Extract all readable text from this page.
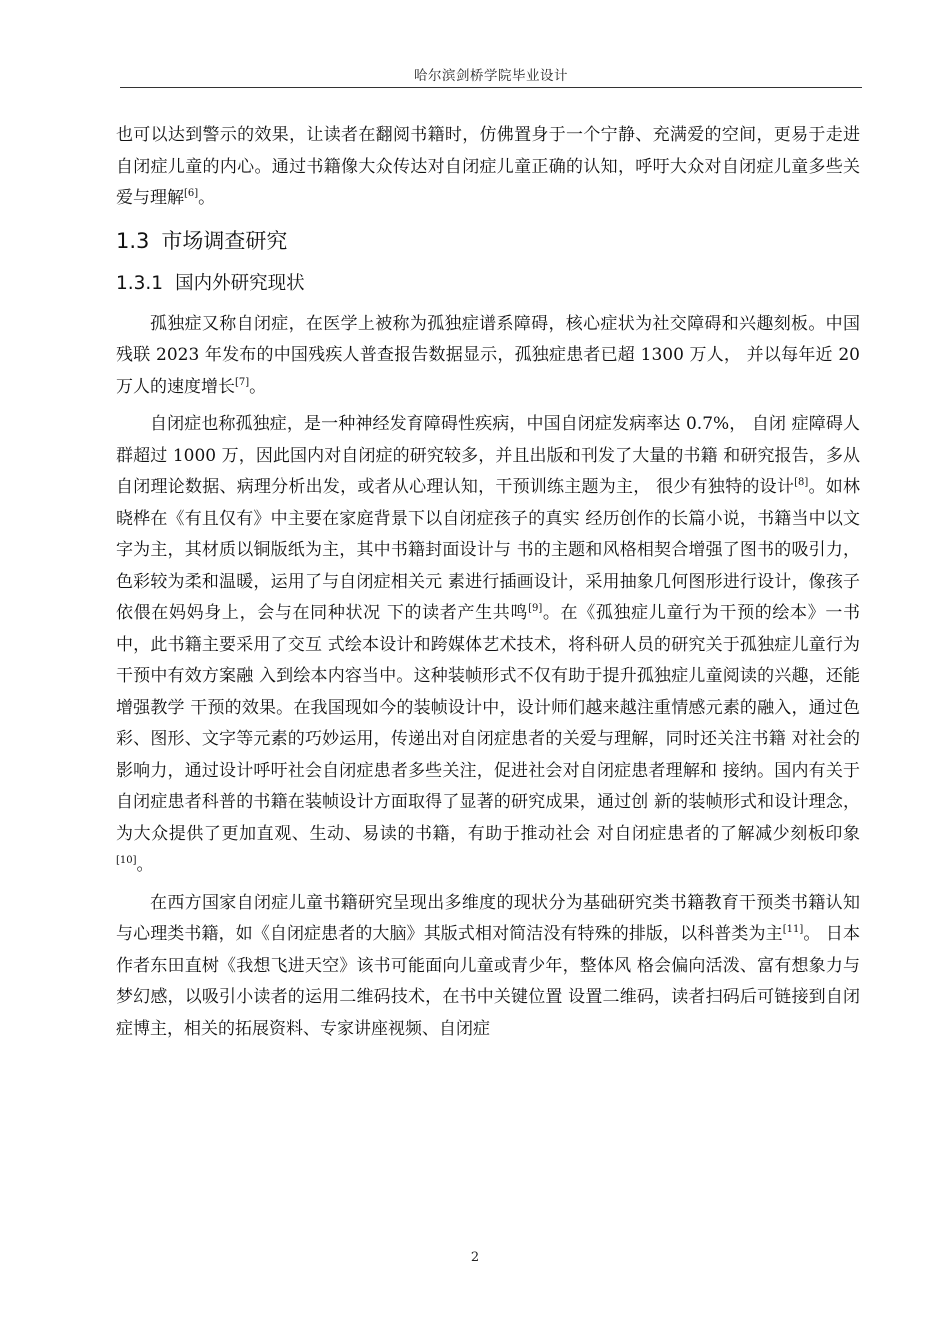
哈尔滨剑桥学院毕业设计

也可以达到警示的效果，让读者在翻阅书籍时，仿佛置身于一个宁静、充满爱的空间，更易于走进自闭症儿童的内心。通过书籍像大众传达对自闭症儿童正确的认知，呼吁大众对自闭症儿童多些关爱与理解[6]。

1.3 市场调查研究
1.3.1 国内外研究现状

孤独症又称自闭症，在医学上被称为孤独症谱系障碍，核心症状为社交障碍和兴趣刻板。中国残联 2023 年发布的中国残疾人普查报告数据显示，孤独症患者已超 1300 万人， 并以每年近 20 万人的速度增长[7]。

自闭症也称孤独症，是一种神经发育障碍性疾病，中国自闭症发病率达 0.7%， 自闭 症障碍人群超过 1000 万，因此国内对自闭症的研究较多，并且出版和刊发了大量的书籍 和研究报告，多从自闭理论数据、病理分析出发，或者从心理认知，干预训练主题为主， 很少有独特的设计[8]。如林晓桦在《有且仅有》中主要在家庭背景下以自闭症孩子的真实 经历创作的长篇小说，书籍当中以文字为主，其材质以铜版纸为主，其中书籍封面设计与 书的主题和风格相契合增强了图书的吸引力，色彩较为柔和温暖，运用了与自闭症相关元 素进行插画设计，采用抽象几何图形进行设计，像孩子依偎在妈妈身上，会与在同种状况 下的读者产生共鸣[9]。在《孤独症儿童行为干预的绘本》一书中，此书籍主要采用了交互 式绘本设计和跨媒体艺术技术，将科研人员的研究关于孤独症儿童行为干预中有效方案融 入到绘本内容当中。这种装帧形式不仅有助于提升孤独症儿童阅读的兴趣，还能增强教学 干预的效果。在我国现如今的装帧设计中，设计师们越来越注重情感元素的融入，通过色 彩、图形、文字等元素的巧妙运用，传递出对自闭症患者的关爱与理解，同时还关注书籍 对社会的影响力，通过设计呼吁社会自闭症患者多些关注，促进社会对自闭症患者理解和 接纳。国内有关于自闭症患者科普的书籍在装帧设计方面取得了显著的研究成果，通过创 新的装帧形式和设计理念，为大众提供了更加直观、生动、易读的书籍，有助于推动社会 对自闭症患者的了解减少刻板印象[10]。

在西方国家自闭症儿童书籍研究呈现出多维度的现状分为基础研究类书籍教育干预类书籍认知与心理类书籍，如《自闭症患者的大脑》其版式相对简洁没有特殊的排版，以科普类为主[11]。 日本作者东田直树《我想飞进天空》该书可能面向儿童或青少年，整体风 格会偏向活泼、富有想象力与梦幻感，以吸引小读者的运用二维码技术，在书中关键位置 设置二维码，读者扫码后可链接到自闭症博主，相关的拓展资料、专家讲座视频、自闭症

2
